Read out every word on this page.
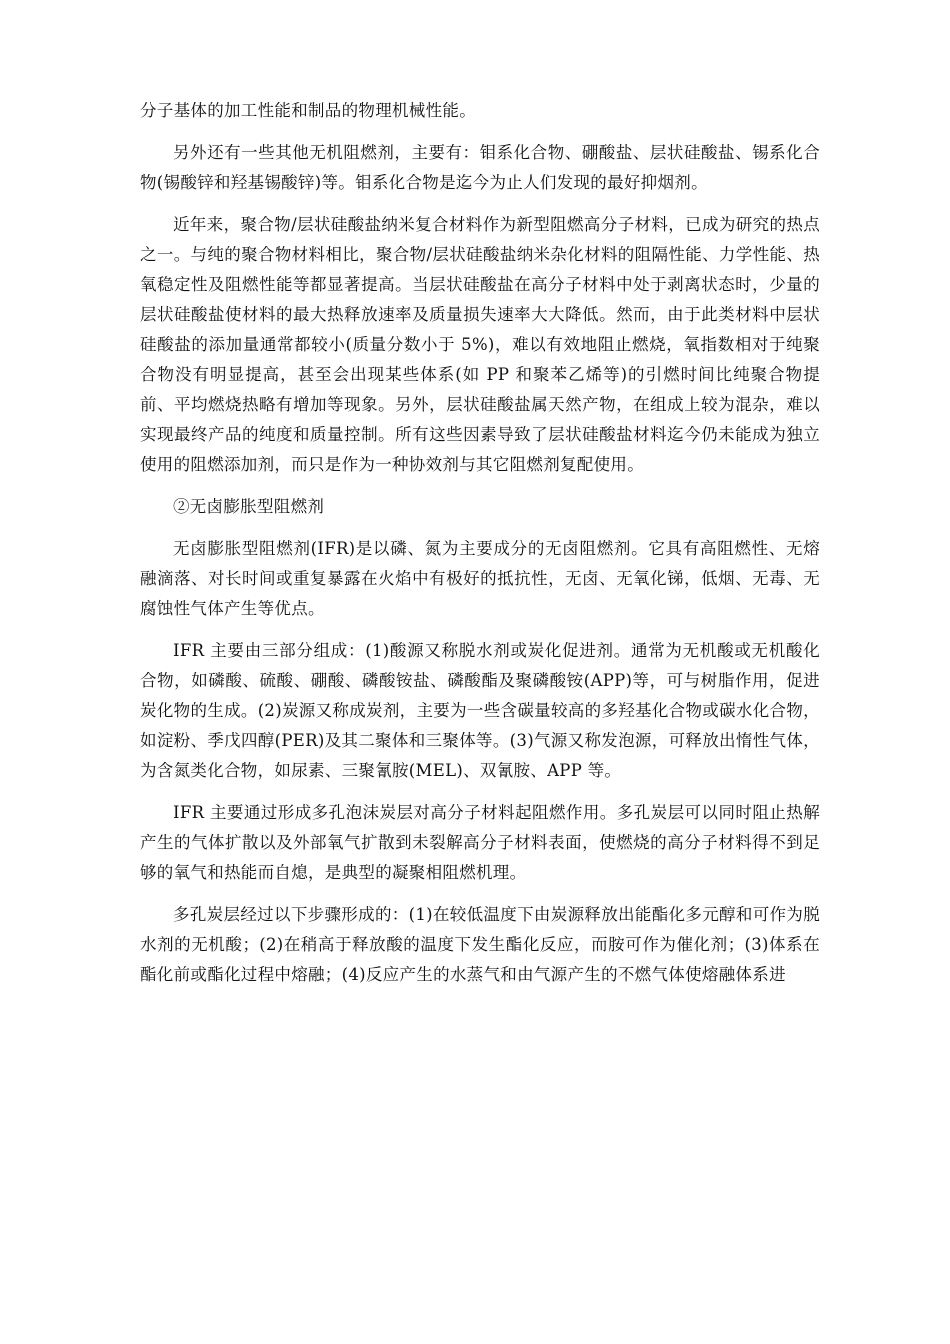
分子基体的加工性能和制品的物理机械性能。

另外还有一些其他无机阻燃剂，主要有：钼系化合物、硼酸盐、层状硅酸盐、锡系化合物(锡酸锌和羟基锡酸锌)等。钼系化合物是迄今为止人们发现的最好抑烟剂。

近年来，聚合物/层状硅酸盐纳米复合材料作为新型阻燃高分子材料，已成为研究的热点之一。与纯的聚合物材料相比，聚合物/层状硅酸盐纳米杂化材料的阻隔性能、力学性能、热氧稳定性及阻燃性能等都显著提高。当层状硅酸盐在高分子材料中处于剥离状态时，少量的层状硅酸盐使材料的最大热释放速率及质量损失速率大大降低。然而，由于此类材料中层状硅酸盐的添加量通常都较小(质量分数小于 5%)，难以有效地阻止燃烧，氧指数相对于纯聚合物没有明显提高，甚至会出现某些体系(如 PP 和聚苯乙烯等)的引燃时间比纯聚合物提前、平均燃烧热略有增加等现象。另外，层状硅酸盐属天然产物，在组成上较为混杂，难以实现最终产品的纯度和质量控制。所有这些因素导致了层状硅酸盐材料迄今仍未能成为独立使用的阻燃添加剂，而只是作为一种协效剂与其它阻燃剂复配使用。

②无卤膨胀型阻燃剂

无卤膨胀型阻燃剂(IFR)是以磷、氮为主要成分的无卤阻燃剂。它具有高阻燃性、无熔融滴落、对长时间或重复暴露在火焰中有极好的抵抗性，无卤、无氧化锑，低烟、无毒、无腐蚀性气体产生等优点。

IFR 主要由三部分组成：(1)酸源又称脱水剂或炭化促进剂。通常为无机酸或无机酸化合物，如磷酸、硫酸、硼酸、磷酸铵盐、磷酸酯及聚磷酸铵(APP)等，可与树脂作用，促进炭化物的生成。(2)炭源又称成炭剂，主要为一些含碳量较高的多羟基化合物或碳水化合物，如淀粉、季戊四醇(PER)及其二聚体和三聚体等。(3)气源又称发泡源，可释放出惰性气体，为含氮类化合物，如尿素、三聚氰胺(MEL)、双氰胺、APP 等。

IFR 主要通过形成多孔泡沫炭层对高分子材料起阻燃作用。多孔炭层可以同时阻止热解产生的气体扩散以及外部氧气扩散到未裂解高分子材料表面，使燃烧的高分子材料得不到足够的氧气和热能而自熄，是典型的凝聚相阻燃机理。

多孔炭层经过以下步骤形成的：(1)在较低温度下由炭源释放出能酯化多元醇和可作为脱水剂的无机酸；(2)在稍高于释放酸的温度下发生酯化反应，而胺可作为催化剂；(3)体系在酯化前或酯化过程中熔融；(4)反应产生的水蒸气和由气源产生的不燃气体使熔融体系进
